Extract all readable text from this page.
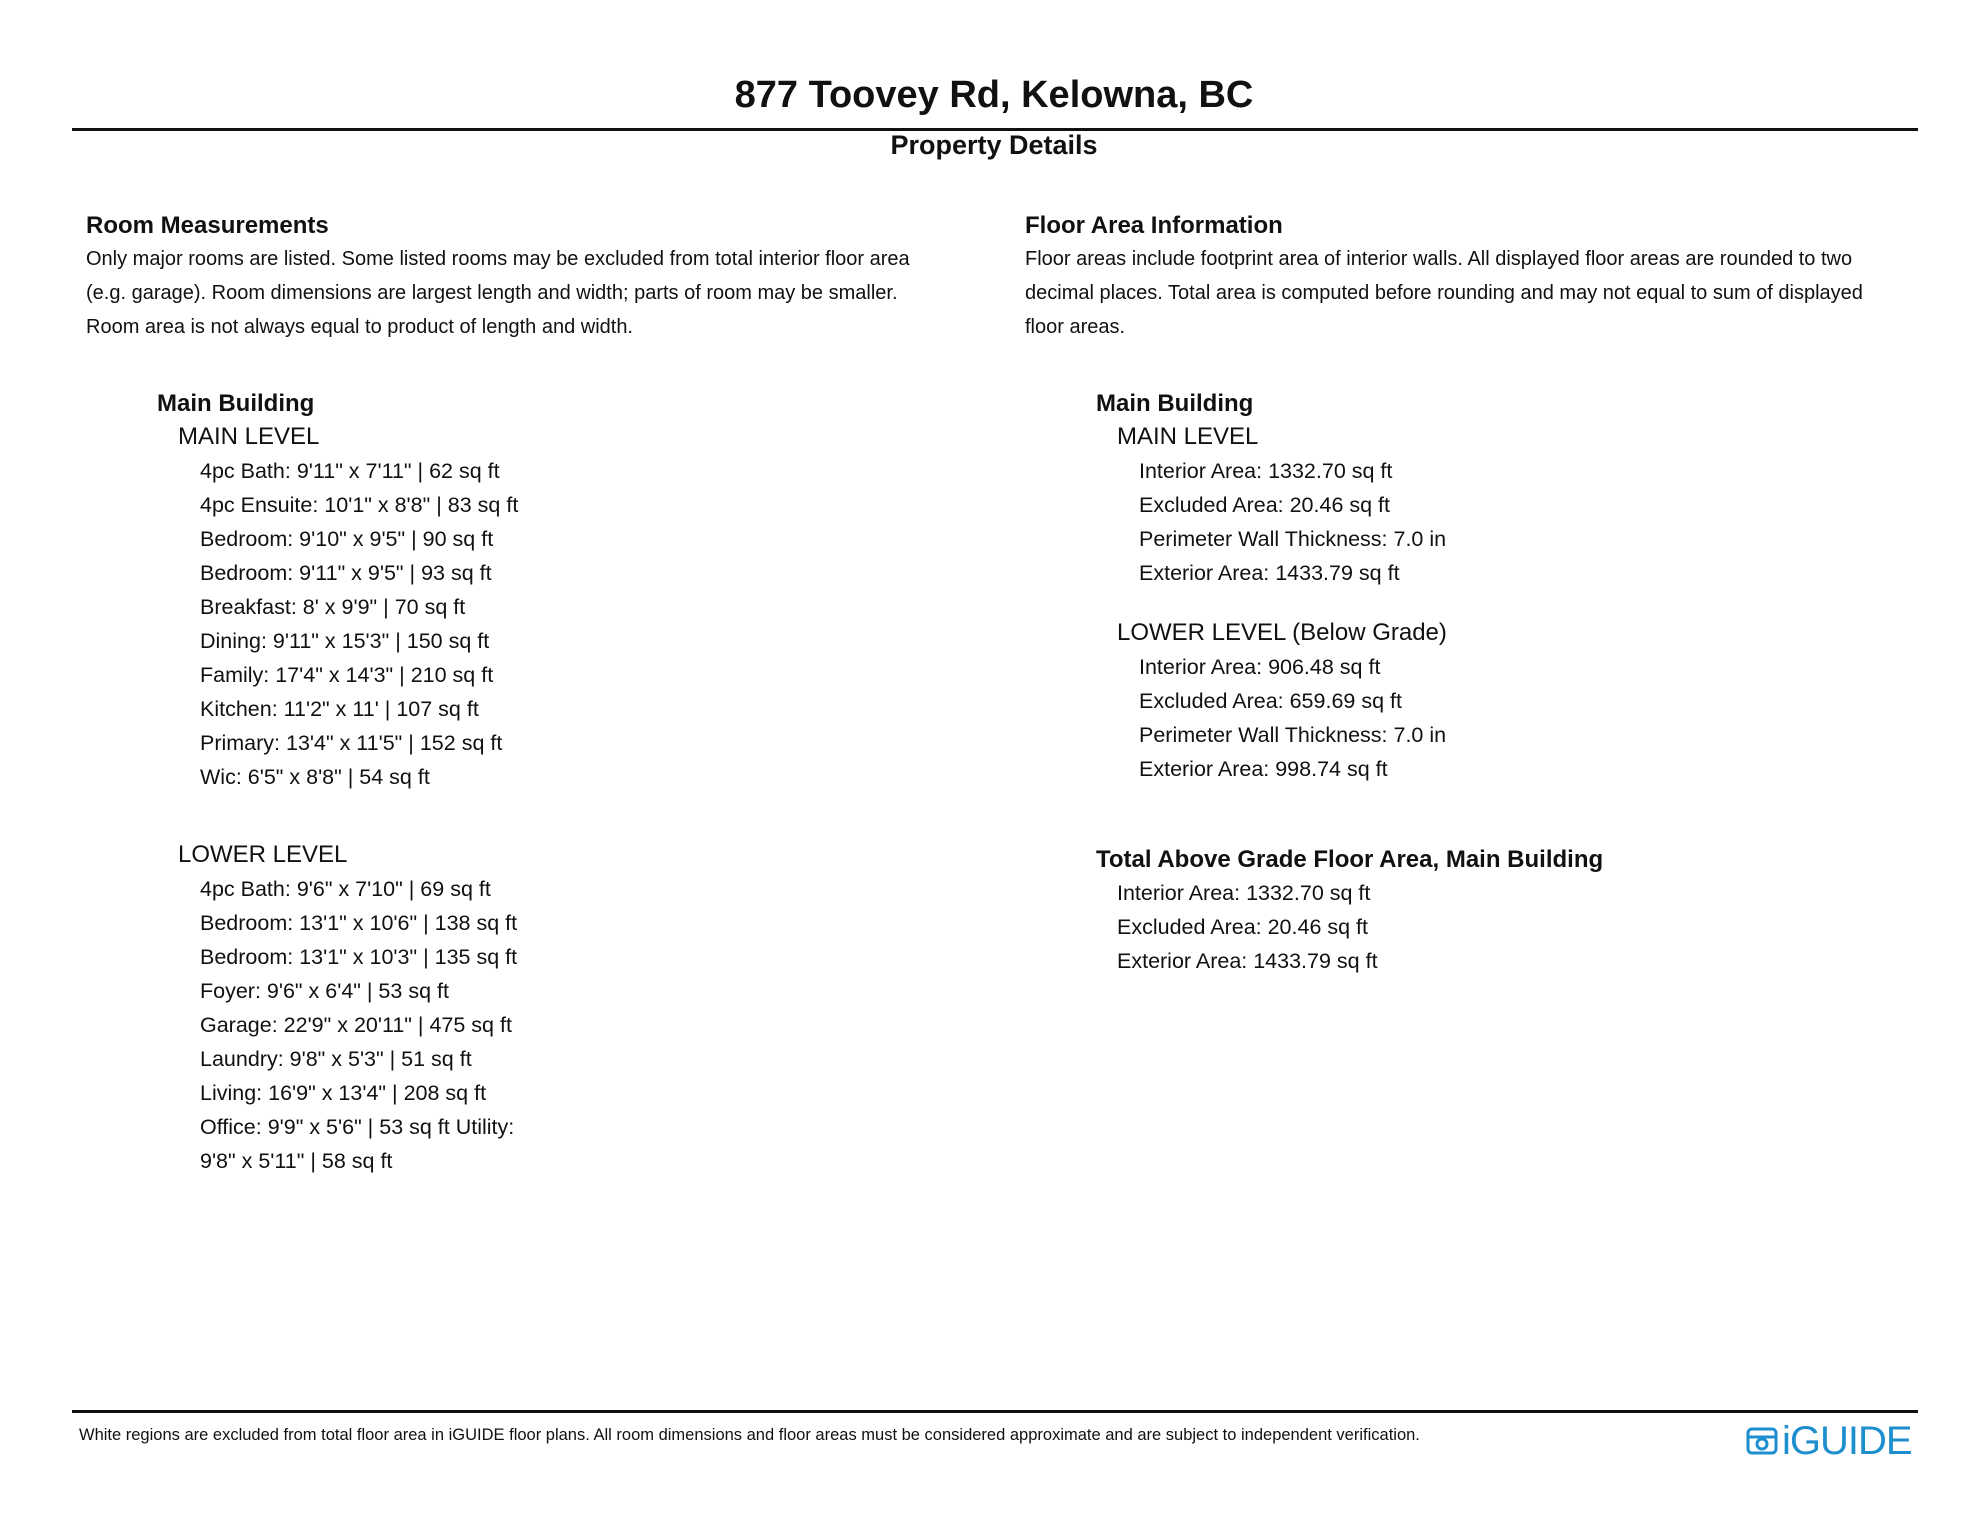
877 Toovey Rd, Kelowna, BC
Property Details
Room Measurements

Only major rooms are listed. Some listed rooms may be excluded from total interior floor area
(e.g. garage). Room dimensions are largest length and width; parts of room may be smaller.
Room area is not always equal to product of length and width.

Main Building
MAIN LEVEL
4pc Bath: 9'11" x 7'11" | 62 sq ft
4pc Ensuite: 10'1" x 8'8" | 83 sq ft
Bedroom: 9'10" x 9'5" | 90 sq ft
Bedroom: 9'11" x 9'5" | 93 sq ft
Breakfast: 8' x 9'9" | 70 sq ft
Dining: 9'11" x 15'3" | 150 sq ft
Family: 17'4" x 14'3" | 210 sq ft
Kitchen: 11'2" x 11' | 107 sq ft
Primary: 13'4" x 11'5" | 152 sq ft
Wic: 6'5" x 8'8" | 54 sq ft
LOWER LEVEL
4pc Bath: 9'6" x 7'10" | 69 sq ft
Bedroom: 13'1" x 10'6" | 138 sq ft
Bedroom: 13'1" x 10'3" | 135 sq ft
Foyer: 9'6" x 6'4" | 53 sq ft
Garage: 22'9" x 20'11" | 475 sq ft
Laundry: 9'8" x 5'3" | 51 sq ft
Living: 16'9" x 13'4" | 208 sq ft
Office: 9'9" x 5'6" | 53 sq ft Utility:
9'8" x 5'11" | 58 sq ft
Floor Area Information

Floor areas include footprint area of interior walls. All displayed floor areas are rounded to two
decimal places. Total area is computed before rounding and may not equal to sum of displayed
floor areas.

Main Building
MAIN LEVEL
Interior Area: 1332.70 sq ft
Excluded Area: 20.46 sq ft
Perimeter Wall Thickness: 7.0 in
Exterior Area: 1433.79 sq ft
LOWER LEVEL (Below Grade)
Interior Area: 906.48 sq ft
Excluded Area: 659.69 sq ft
Perimeter Wall Thickness: 7.0 in
Exterior Area: 998.74 sq ft
Total Above Grade Floor Area, Main Building
Interior Area: 1332.70 sq ft
Excluded Area: 20.46 sq ft
Exterior Area: 1433.79 sq ft
White regions are excluded from total floor area in iGUIDE floor plans. All room dimensions and floor areas must be considered approximate and are subject to independent verification.	iGUIDE
